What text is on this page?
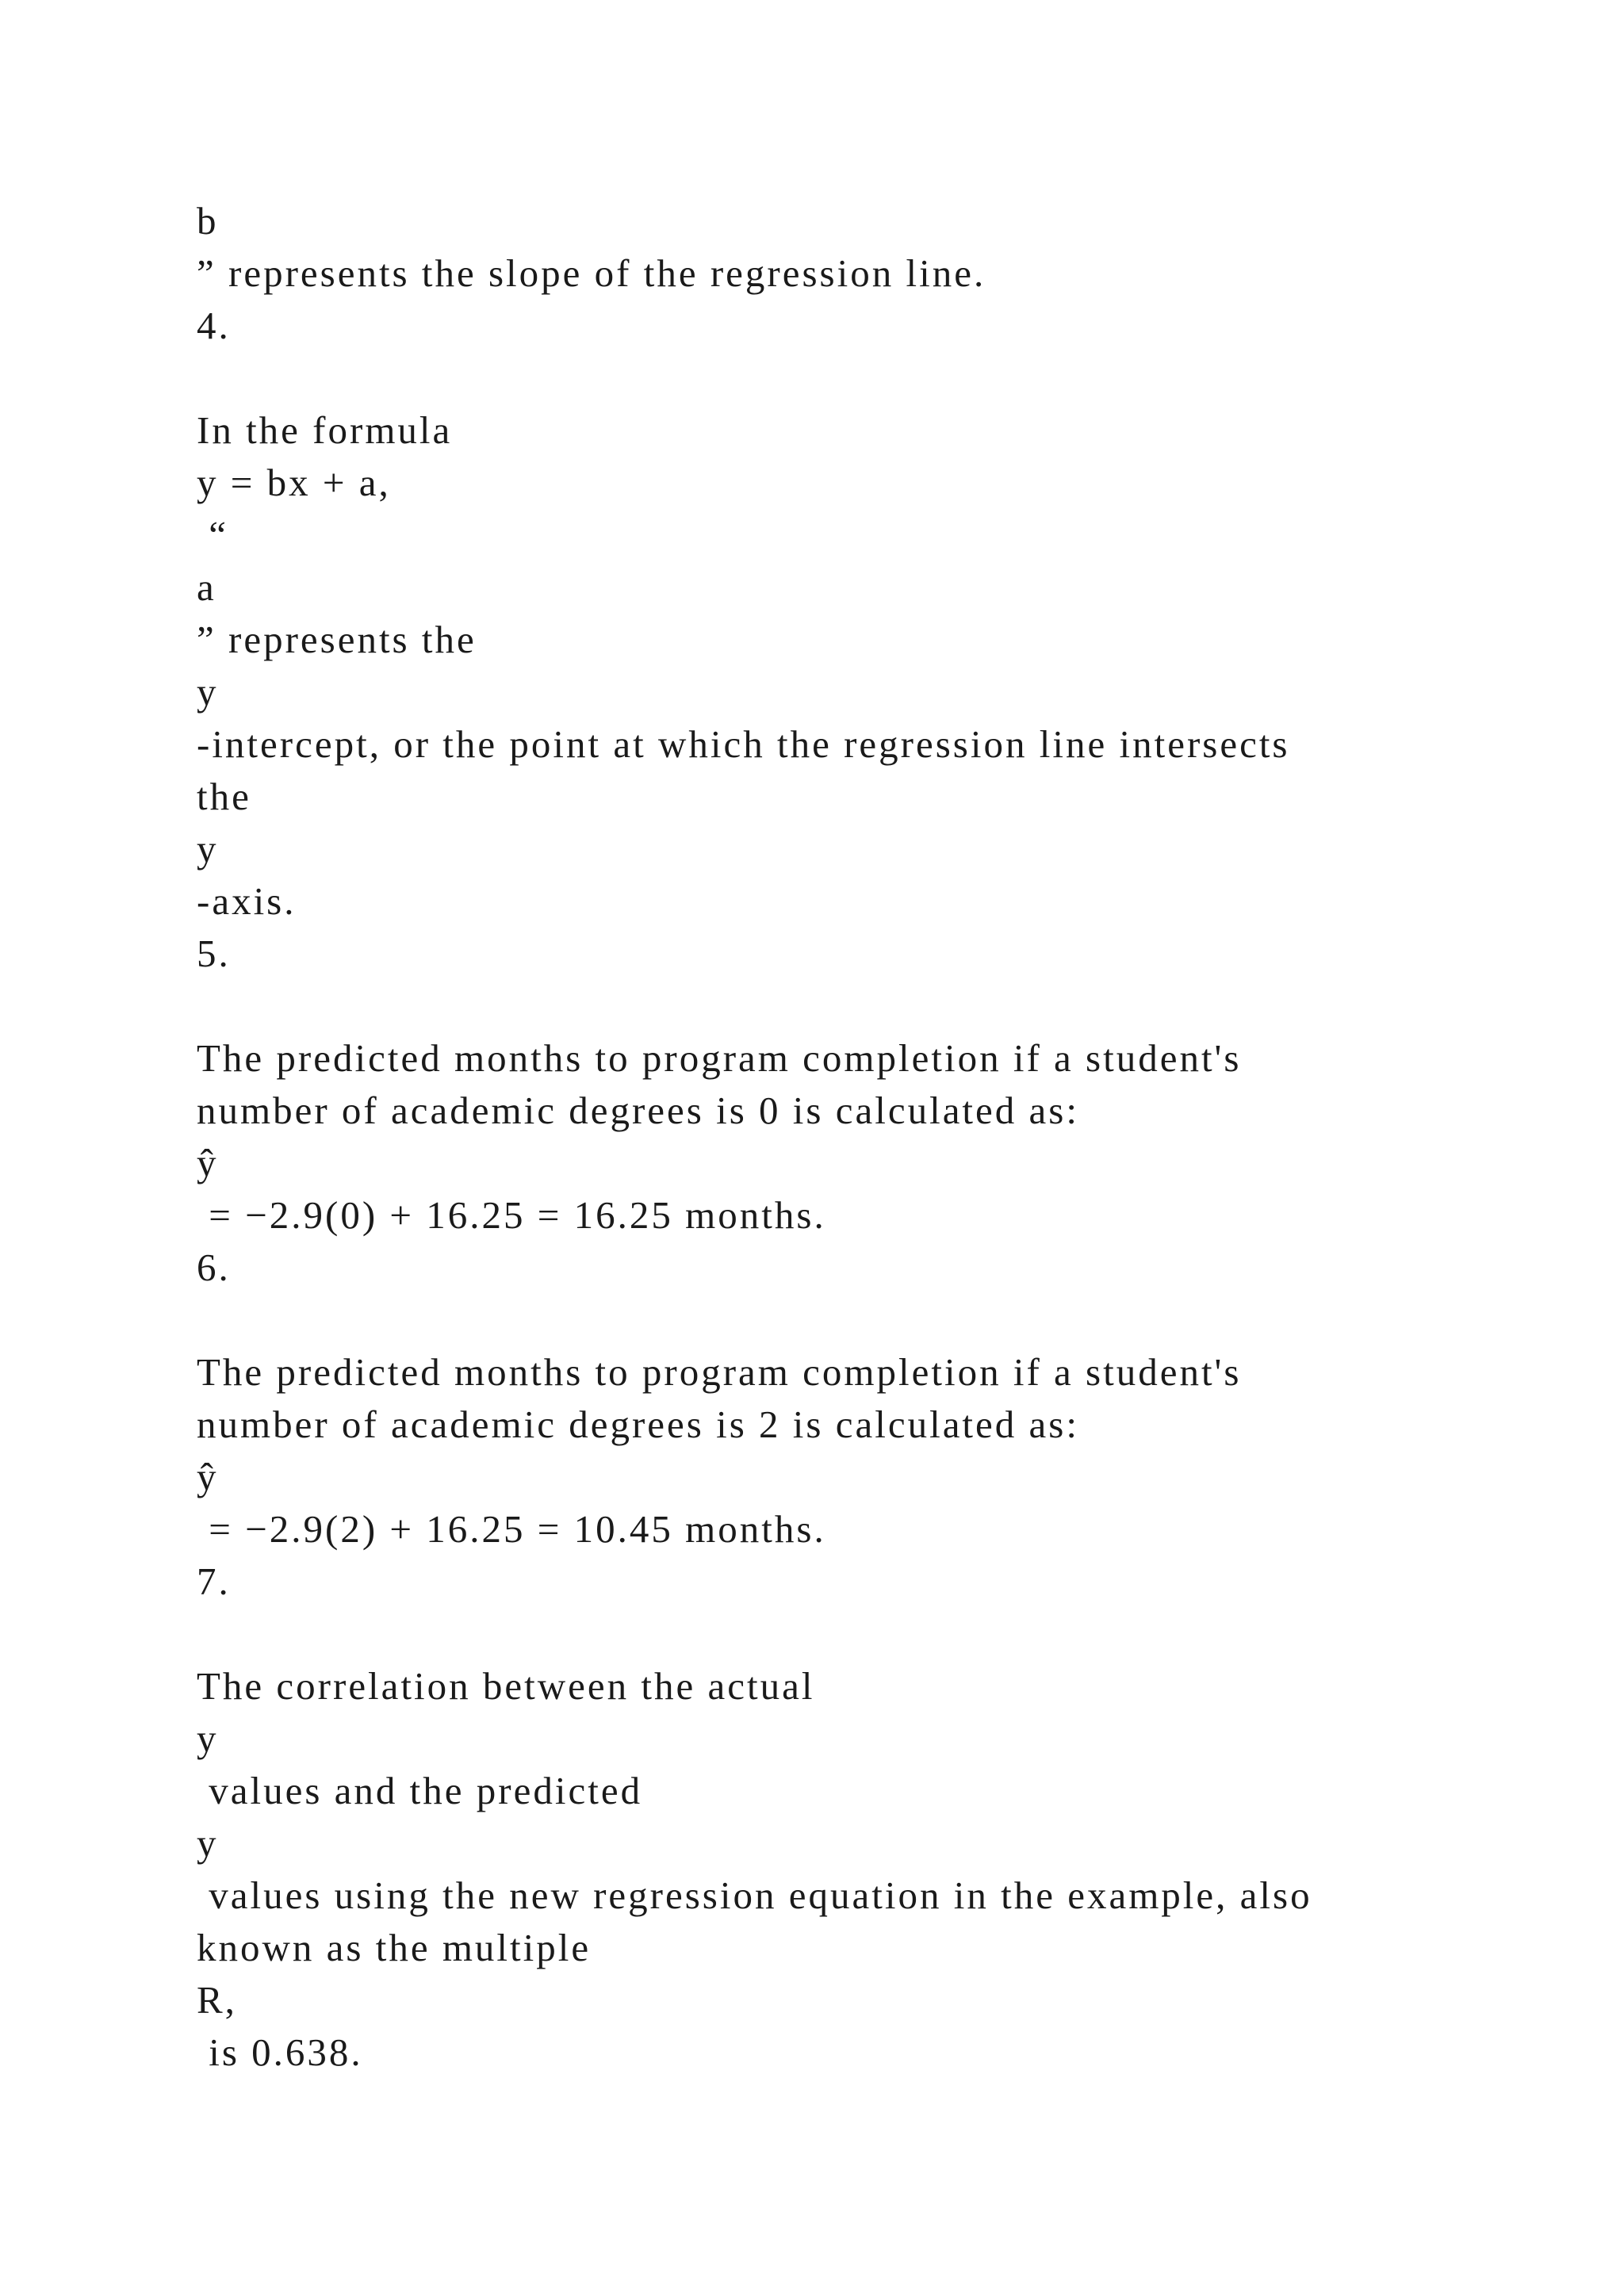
b
” represents the slope of the regression line.
4.
In the formula
y = bx + a,
“
a
” represents the
y
-intercept, or the point at which the regression line intersects
the
y
-axis.
5.
The predicted months to program completion if a student's
number of academic degrees is 0 is calculated as:
ŷ
= −2.9(0) + 16.25 = 16.25 months.
6.
The predicted months to program completion if a student's
number of academic degrees is 2 is calculated as:
ŷ
= −2.9(2) + 16.25 = 10.45 months.
7.
The correlation between the actual
y
values and the predicted
y
values using the new regression equation in the example, also
known as the multiple
R,
is 0.638.
